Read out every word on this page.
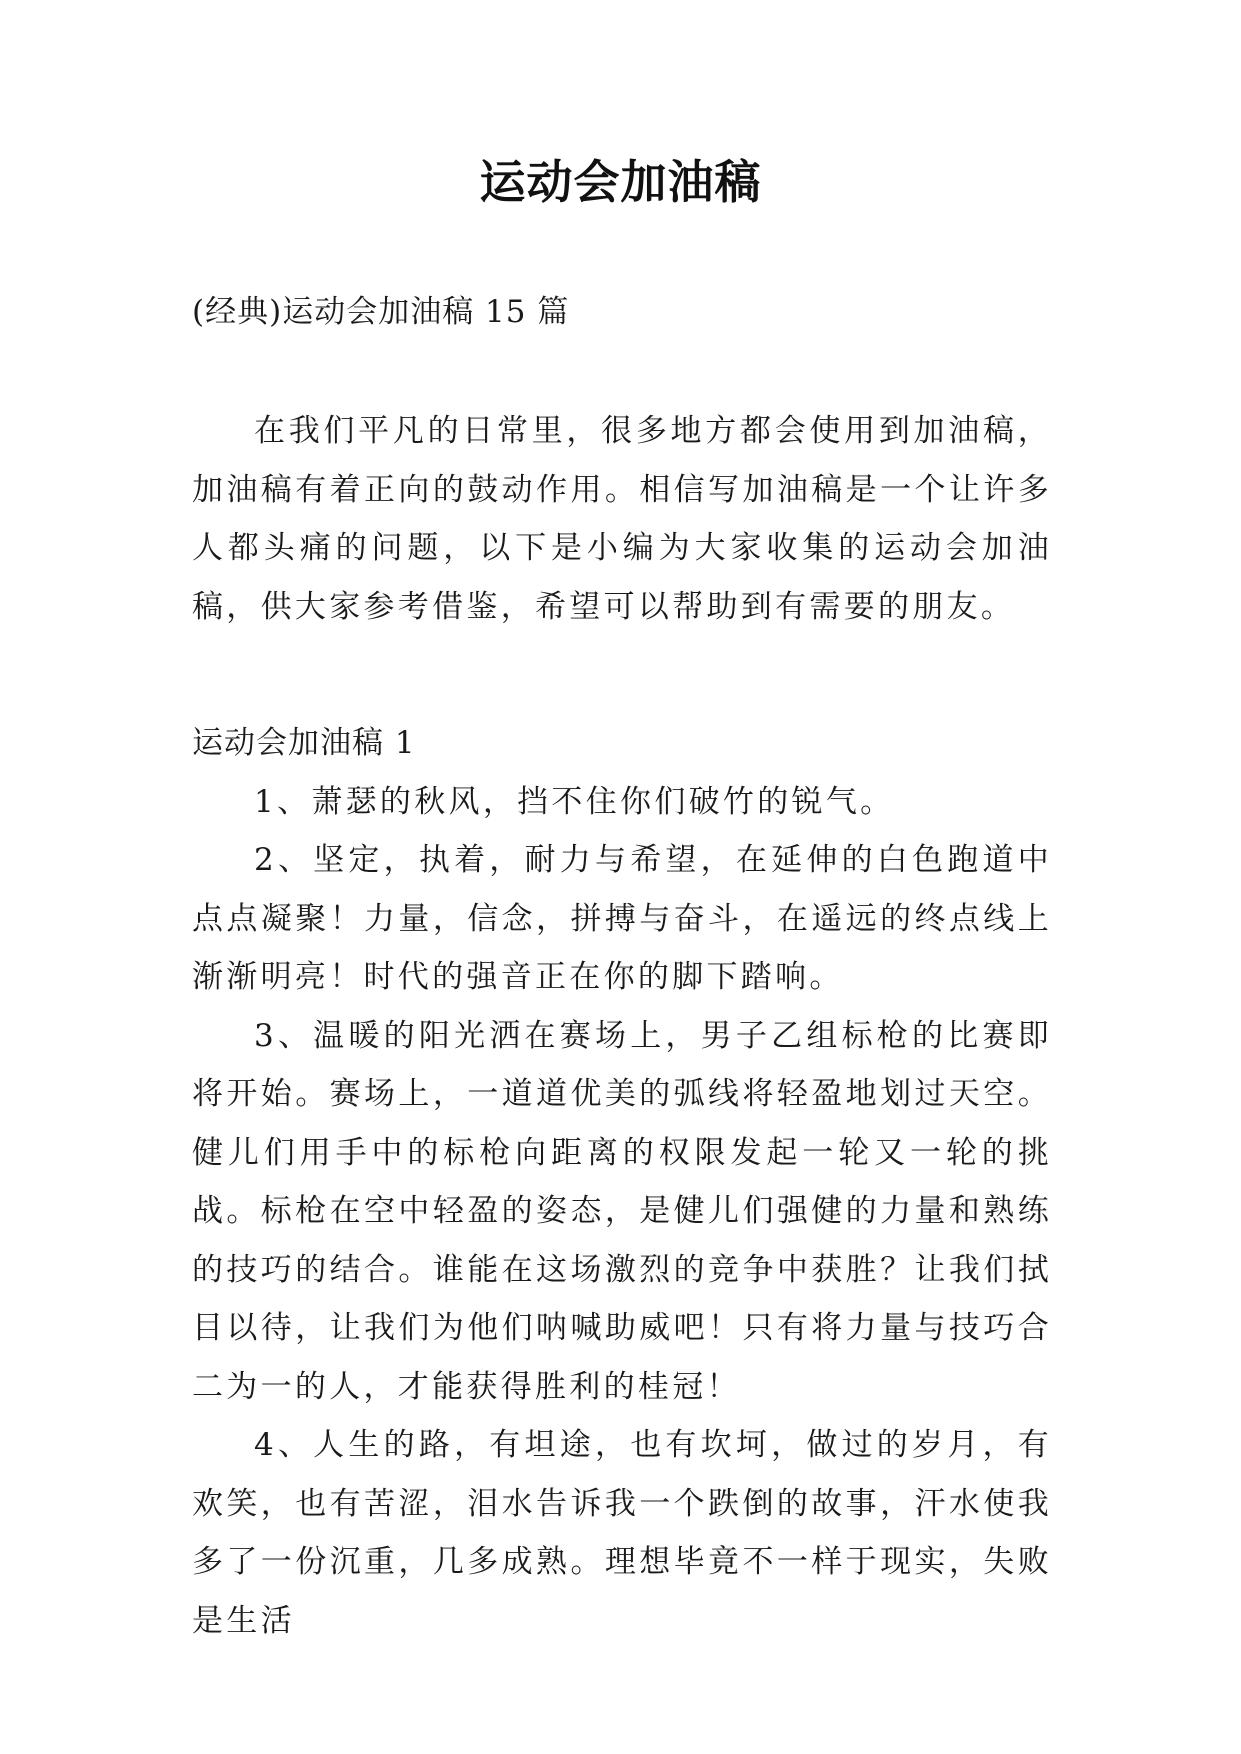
运动会加油稿
(经典)运动会加油稿 15 篇

在我们平凡的日常里，很多地方都会使用到加油稿，加油稿有着正向的鼓动作用。相信写加油稿是一个让许多人都头痛的问题，以下是小编为大家收集的运动会加油稿，供大家参考借鉴，希望可以帮助到有需要的朋友。

运动会加油稿 1

1、萧瑟的秋风，挡不住你们破竹的锐气。

2、坚定，执着，耐力与希望，在延伸的白色跑道中点点凝聚！力量，信念，拼搏与奋斗，在遥远的终点线上渐渐明亮！时代的强音正在你的脚下踏响。

3、温暖的阳光洒在赛场上，男子乙组标枪的比赛即将开始。赛场上，一道道优美的弧线将轻盈地划过天空。健儿们用手中的标枪向距离的权限发起一轮又一轮的挑战。标枪在空中轻盈的姿态，是健儿们强健的力量和熟练的技巧的结合。谁能在这场激烈的竞争中获胜？让我们拭目以待，让我们为他们呐喊助威吧！只有将力量与技巧合二为一的人，才能获得胜利的桂冠！

4、人生的路，有坦途，也有坎坷，做过的岁月，有欢笑，也有苦涩，泪水告诉我一个跌倒的故事，汗水使我多了一份沉重，几多成熟。理想毕竟不一样于现实，失败是生活
